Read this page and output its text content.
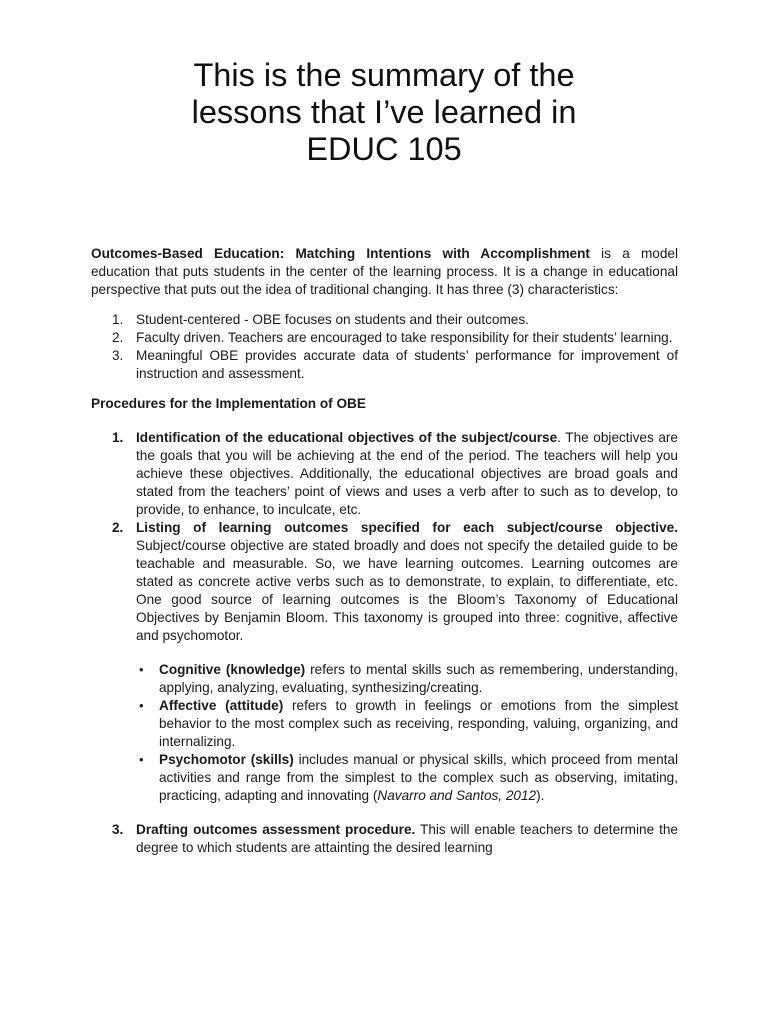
This is the summary of the
lessons that I’ve learned in
EDUC 105

Outcomes-Based Education: Matching Intentions with Accomplishment is a model education that puts students in the center of the learning process. It is a change in educational perspective that puts out the idea of traditional changing. It has three (3) characteristics:

1. Student-centered - OBE focuses on students and their outcomes.
2. Faculty driven. Teachers are encouraged to take responsibility for their students’ learning.
3. Meaningful OBE provides accurate data of students’ performance for improvement of instruction and assessment.
Procedures for the Implementation of OBE
1. Identification of the educational objectives of the subject/course. The objectives are the goals that you will be achieving at the end of the period. The teachers will help you achieve these objectives. Additionally, the educational objectives are broad goals and stated from the teachers’ point of views and uses a verb after to such as to develop, to provide, to enhance, to inculcate, etc.
2. Listing of learning outcomes specified for each subject/course objective. Subject/course objective are stated broadly and does not specify the detailed guide to be teachable and measurable. So, we have learning outcomes. Learning outcomes are stated as concrete active verbs such as to demonstrate, to explain, to differentiate, etc. One good source of learning outcomes is the Bloom’s Taxonomy of Educational Objectives by Benjamin Bloom. This taxonomy is grouped into three: cognitive, affective and psychomotor.
• Cognitive (knowledge) refers to mental skills such as remembering, understanding, applying, analyzing, evaluating, synthesizing/creating.
• Affective (attitude) refers to growth in feelings or emotions from the simplest behavior to the most complex such as receiving, responding, valuing, organizing, and internalizing.
• Psychomotor (skills) includes manual or physical skills, which proceed from mental activities and range from the simplest to the complex such as observing, imitating, practicing, adapting and innovating (Navarro and Santos, 2012).
3. Drafting outcomes assessment procedure. This will enable teachers to determine the degree to which students are attainting the desired learning
